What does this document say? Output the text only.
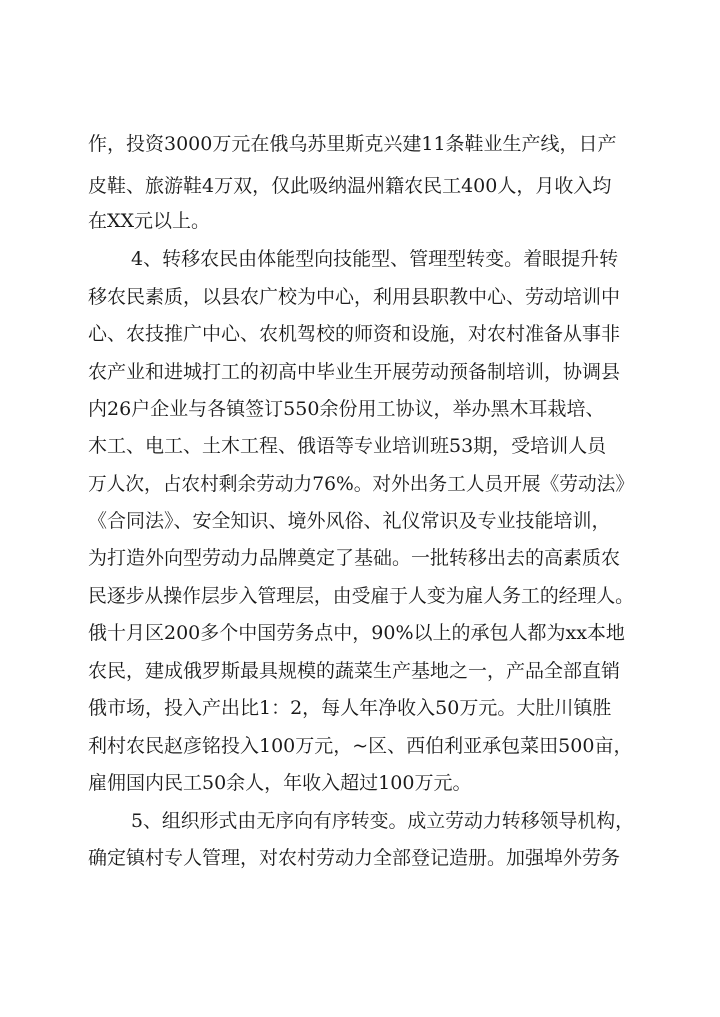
作，投资3000万元在俄乌苏里斯克兴建11条鞋业生产线，日产
皮鞋、旅游鞋4万双，仅此吸纳温州籍农民工400人，月收入均
在XX元以上。
4、转移农民由体能型向技能型、管理型转变。着眼提升转
移农民素质，以县农广校为中心，利用县职教中心、劳动培训中
心、农技推广中心、农机驾校的师资和设施，对农村准备从事非
农产业和进城打工的初高中毕业生开展劳动预备制培训，协调县
内26户企业与各镇签订550余份用工协议，举办黑木耳栽培、
木工、电工、土木工程、俄语等专业培训班53期，受培训人员
万人次，占农村剩余劳动力76%。对外出务工人员开展《劳动法》
《合同法》、安全知识、境外风俗、礼仪常识及专业技能培训，
为打造外向型劳动力品牌奠定了基础。一批转移出去的高素质农
民逐步从操作层步入管理层，由受雇于人变为雇人务工的经理人。
俄十月区200多个中国劳务点中，90%以上的承包人都为xx本地
农民，建成俄罗斯最具规模的蔬菜生产基地之一，产品全部直销
俄市场，投入产出比1：2，每人年净收入50万元。大肚川镇胜
利村农民赵彦铭投入100万元，~区、西伯利亚承包菜田500亩，
雇佣国内民工50余人，年收入超过100万元。
5、组织形式由无序向有序转变。成立劳动力转移领导机构，
确定镇村专人管理，对农村劳动力全部登记造册。加强埠外劳务
